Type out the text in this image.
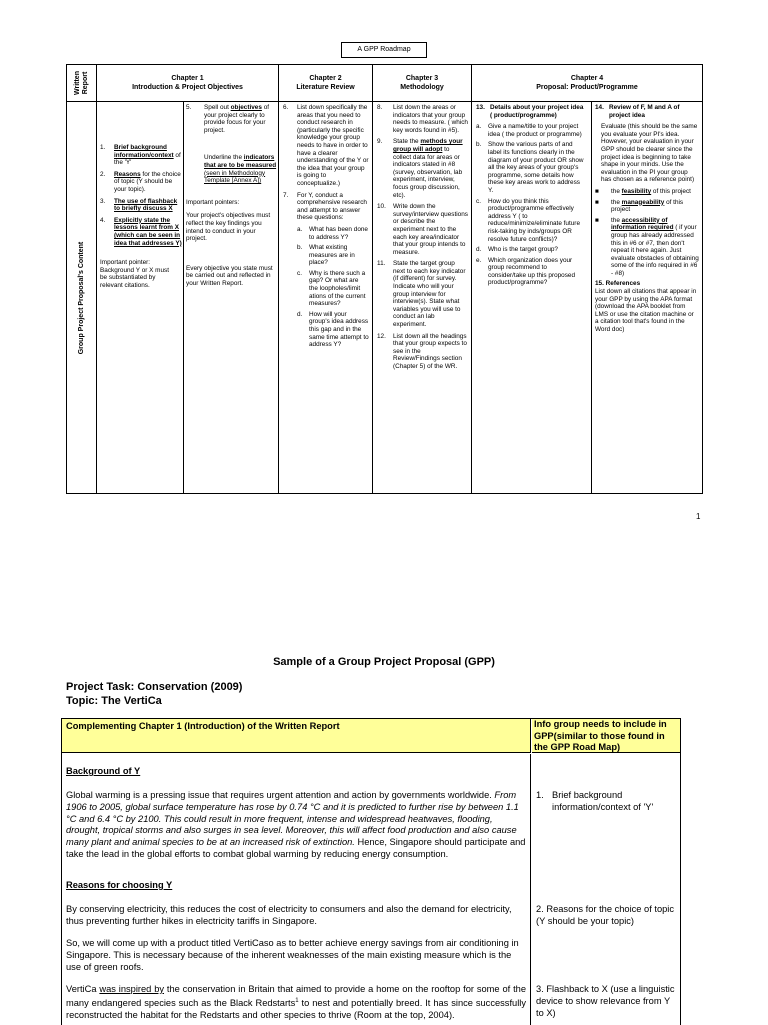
A GPP Roadmap
Written Report
Group Project Proposal's Content
Chapter 1
Introduction & Project Objectives
1. Brief background information/context of the 'Y'
2. Reasons for the choice of topic (Y should be your topic).
3. The use of flashback to briefly discuss X
4. Explicitly state the lessons learnt from X (which can be seen in idea that addresses Y)

Important pointer: Background Y or X must be substantiated by relevant citations.

5. Spell out objectives of your project clearly to provide focus for your project.

Underline the indicators that are to be measured
(seen in Methodology Template [Annex A])

Important pointers:

Your project's objectives must reflect the key findings you intend to conduct in your project.

Every objective you state must be carried out and reflected in your Written Report.

Chapter 2
Literature Review
6. List down specifically the areas that you need to conduct research in (particularly the specific knowledge your group needs to have in order to have a clearer understanding of the Y or the idea that your group is going to conceptualize.)
7. For Y, conduct a comprehensive research and attempt to answer these questions:
a. What has been done to address Y?
b. What existing measures are in place?
c. Why is there such a gap? Or what are the loopholes/limit ations of the current measures?
d. How will your group's idea address this gap and in the same time attempt to address Y?
Chapter 3
Methodology
8. List down the areas or indicators that your group needs to measure. ( which key words found in #5).
9. State the methods your group will adopt to collect data for areas or indicators stated in #8 (survey, observation, lab experiment, interview, focus group discussion, etc).
10. Write down the survey/interview questions or describe the experiment next to the each key area/indicator that your group intends to measure.
11. State the target group next to each key indicator (if different) for survey. Indicate who will your group interview for interview(s). State what variables you will use to conduct an lab experiment.
12. List down all the headings that your group expects to see in the Review/Findings section (Chapter 5) of the WR.
Chapter 4
Proposal: Product/Programme
13. Details about your project idea ( product/programme)
a. Give a name/title to your project idea ( the product or programme)
b. Show the various parts of and label its functions clearly in the diagram of your product OR show all the key areas of your group's programme, some details how these key areas work to address Y.
c. How do you think this product/programme effectively address Y ( to reduce/minimize/eliminate future risk-taking by inds/groups OR resolve future conflicts)?
d. Who is the target group?
e. Which organization does your group recommend to consider/take up this proposed product/programme?
14. Review of F, M and A of project idea

Evaluate (this should be the same you evaluate your PI's idea. However, your evaluation in your GPP should be clearer since the project idea is beginning to take shape in your minds. Use the evaluation in the PI your group has chosen as a reference point)

■ the feasibility of this project
■ the manageability of this project
■ the accessibility of information required ( if your group has already addressed this in #6 or #7, then don't repeat it here again. Just evaluate obstacles of obtaining some of the info required in #6 - #8)

15. References

List down all citations that appear in your GPP by using the APA format (download the APA booklet from LMS or use the citation machine or a citation tool that's found in the Word doc)

1
Sample of a Group Project Proposal (GPP)
Project Task: Conservation (2009)
Topic: The VertiCa
Complementing Chapter 1 (Introduction) of the Written Report	Info group needs to include in GPP(similar to those found in the GPP Road Map)

Background of Y

Global warming is a pressing issue that requires urgent attention and action by governments worldwide. From 1906 to 2005, global surface temperature has rose by 0.74 °C and it is predicted to further rise by between 1.1 °C and 6.4 °C by 2100. This could result in more frequent, intense and widespread heatwaves, flooding, drought, tropical storms and also surges in sea level. Moreover, this will affect food production and also cause many plant and animal species to be at an increased risk of extinction. Hence, Singapore should participate and take the lead in the global efforts to combat global warming by reducing energy consumption.

Reasons for choosing Y

By conserving electricity, this reduces the cost of electricity to consumers and also the demand for electricity, thus preventing further hikes in electricity tariffs in Singapore.

So, we will come up with a product titled VertiCaso as to better achieve energy savings from air conditioning in Singapore. This is necessary because of the inherent weaknesses of the main existing measure which is the use of green roofs.

VertiCa was inspired by the conservation in Britain that aimed to provide a home on the rooftop for some of the many endangered species such as the Black Redstarts$^1$ to nest and potentially breed. It has since successfully reconstructed the habitat for the Redstarts and other species to thrive (Room at the top, 2004).

1. Brief background information/context of 'Y'
2. Reasons for the choice of topic (Y should be your topic)
3. Flashback to X (use a linguistic device to show relevance from Y to X)
